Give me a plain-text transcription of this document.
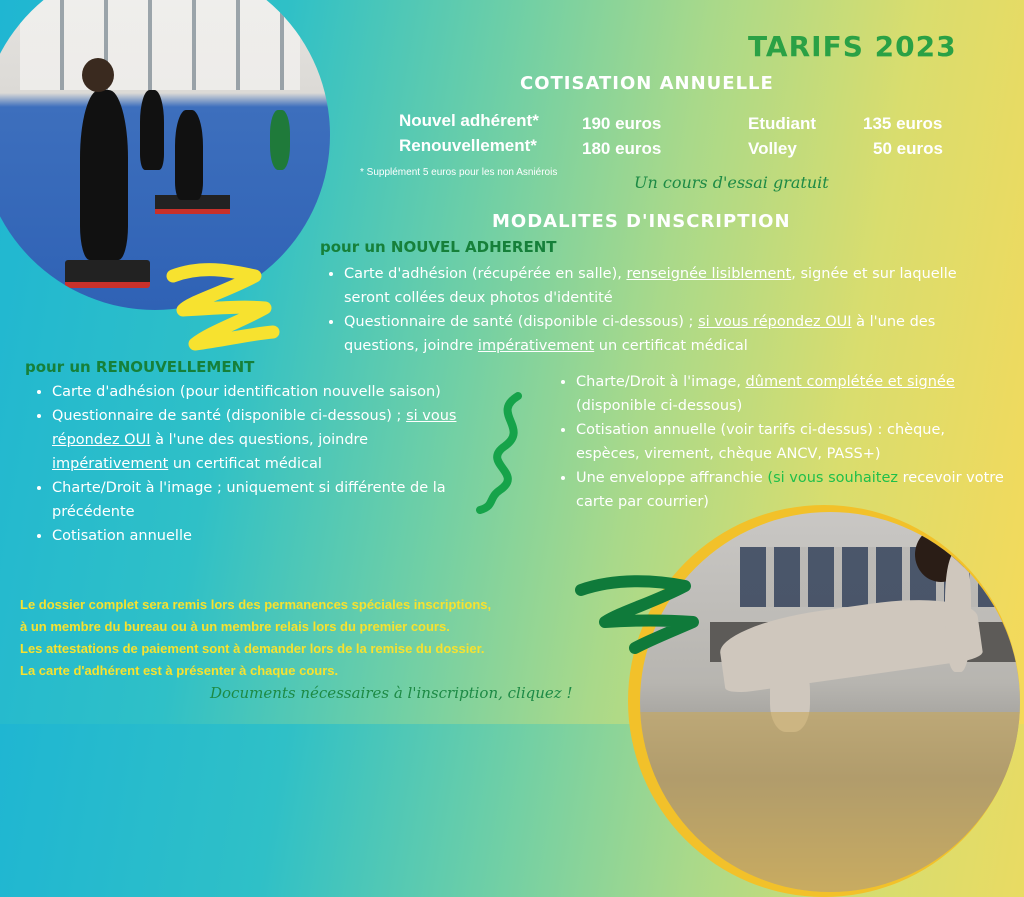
TARIFS 2023
COTISATION ANNUELLE
Nouvel adhérent*	190 euros	Etudiant	135 euros
Renouvellement*	180 euros	Volley	50 euros
* Supplément 5 euros pour les non Asniérois
Un cours d'essai gratuit
MODALITES D'INSCRIPTION
pour un NOUVEL ADHERENT
• Carte d'adhésion (récupérée en salle), renseignée lisiblement, signée et sur laquelle seront collées deux photos d'identité
• Questionnaire de santé (disponible ci-dessous) ; si vous répondez OUI à l'une des questions, joindre impérativement un certificat médical
• Charte/Droit à l'image, dûment complétée et signée (disponible ci-dessous)
• Cotisation annuelle (voir tarifs ci-dessus) : chèque, espèces, virement, chèque ANCV, PASS+)
• Une enveloppe affranchie (si vous souhaitez recevoir votre carte par courrier)
pour un RENOUVELLEMENT
• Carte d'adhésion (pour identification nouvelle saison)
• Questionnaire de santé (disponible ci-dessous) ; si vous répondez OUI à l'une des questions, joindre impérativement un certificat médical
• Charte/Droit à l'image ; uniquement si différente de la précédente
• Cotisation annuelle
Le dossier complet sera remis lors des permanences spéciales inscriptions,
à un membre du bureau ou à un membre relais lors du premier cours.
Les attestations de paiement sont à demander lors de la remise du dossier.
La carte d'adhérent est à présenter à chaque cours.
Documents nécessaires à l'inscription, cliquez !
